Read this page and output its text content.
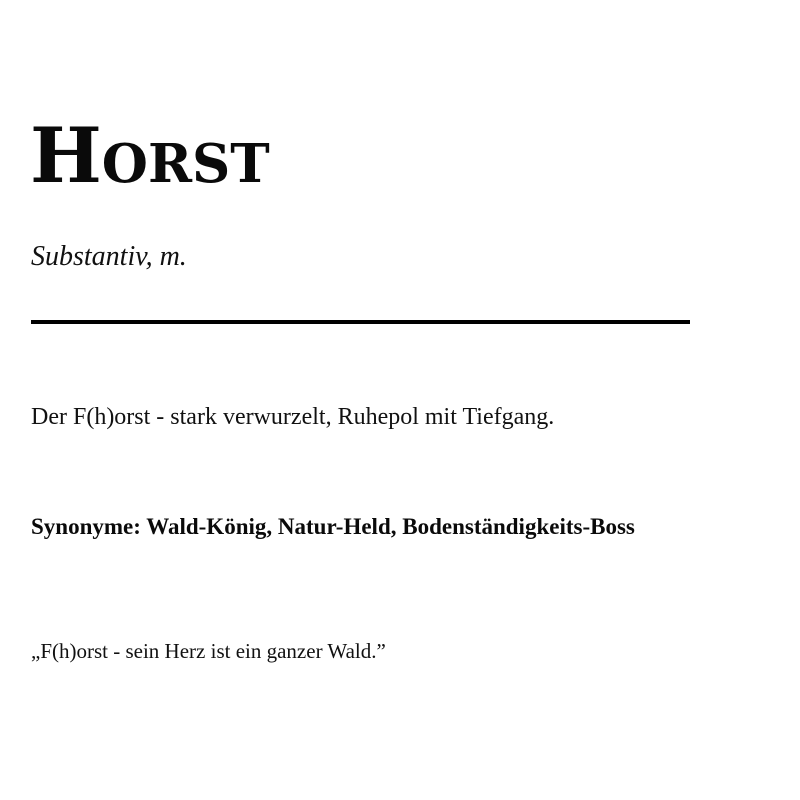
Horst

Substantiv, m.

Der F(h)orst - stark verwurzelt, Ruhepol mit Tiefgang.

Synonyme: Wald-König, Natur-Held, Bodenständigkeits-Boss

„F(h)orst - sein Herz ist ein ganzer Wald.”
